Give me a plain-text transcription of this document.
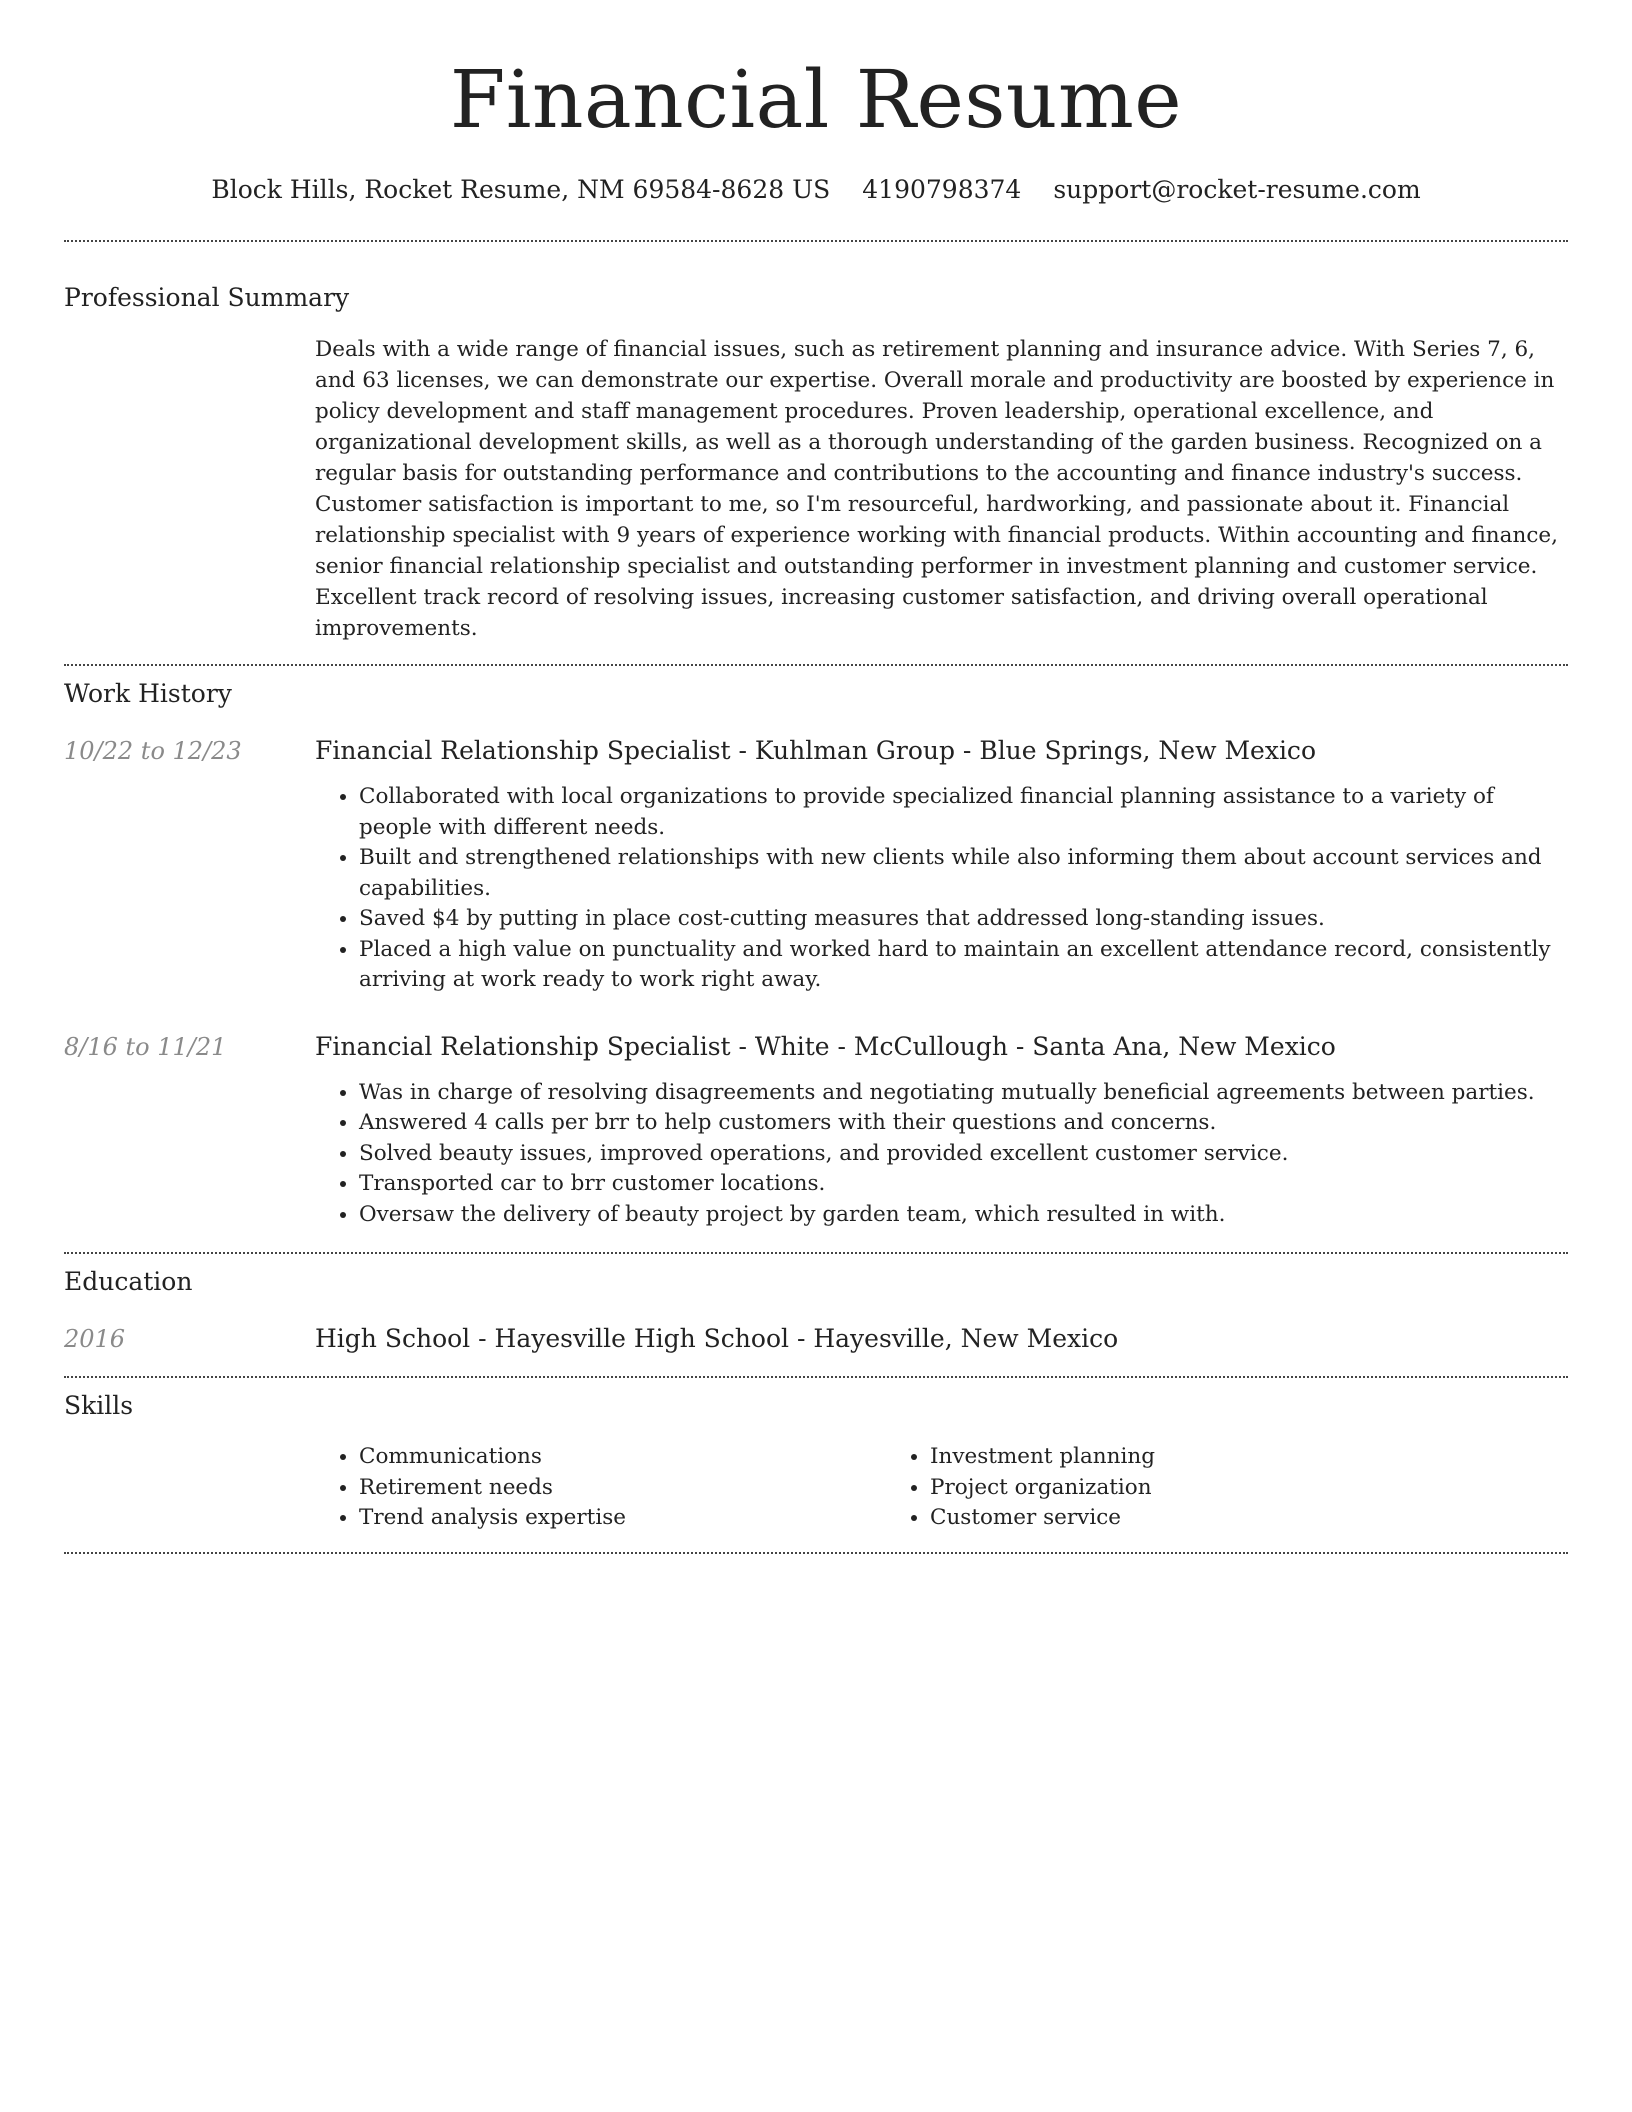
Financial Resume
Block Hills, Rocket Resume, NM 69584-8628 US 4190798374 support@rocket-resume.com
Professional Summary

Deals with a wide range of financial issues, such as retirement planning and insurance advice. With Series 7, 6, and 63 licenses, we can demonstrate our expertise. Overall morale and productivity are boosted by experience in policy development and staff management procedures. Proven leadership, operational excellence, and organizational development skills, as well as a thorough understanding of the garden business. Recognized on a regular basis for outstanding performance and contributions to the accounting and finance industry's success. Customer satisfaction is important to me, so I'm resourceful, hardworking, and passionate about it. Financial relationship specialist with 9 years of experience working with financial products. Within accounting and finance, senior financial relationship specialist and outstanding performer in investment planning and customer service. Excellent track record of resolving issues, increasing customer satisfaction, and driving overall operational improvements.

Work History
10/22 to 12/23	Financial Relationship Specialist - Kuhlman Group - Blue Springs, New Mexico
• Collaborated with local organizations to provide specialized financial planning assistance to a variety of people with different needs.
• Built and strengthened relationships with new clients while also informing them about account services and capabilities.
• Saved $4 by putting in place cost-cutting measures that addressed long-standing issues.
• Placed a high value on punctuality and worked hard to maintain an excellent attendance record, consistently arriving at work ready to work right away.
8/16 to 11/21	Financial Relationship Specialist - White - McCullough - Santa Ana, New Mexico
• Was in charge of resolving disagreements and negotiating mutually beneficial agreements between parties.
• Answered 4 calls per brr to help customers with their questions and concerns.
• Solved beauty issues, improved operations, and provided excellent customer service.
• Transported car to brr customer locations.
• Oversaw the delivery of beauty project by garden team, which resulted in with.
Education
2016	High School - Hayesville High School - Hayesville, New Mexico
Skills
• Communications
• Retirement needs
• Trend analysis expertise
• Investment planning
• Project organization
• Customer service
